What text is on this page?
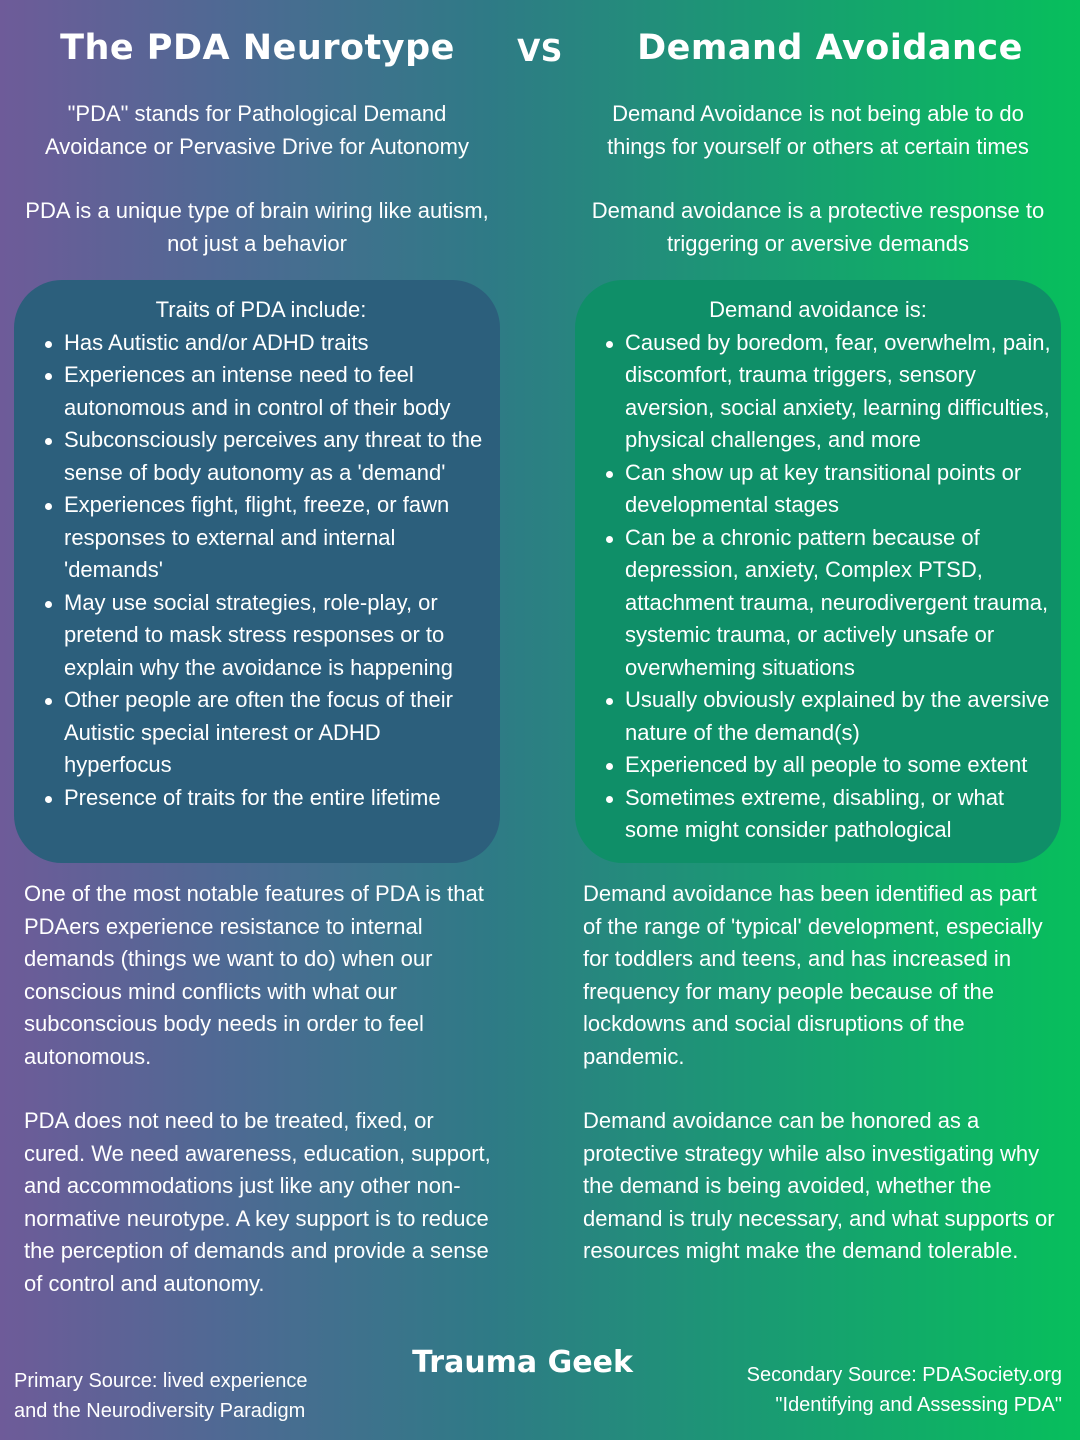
The PDA Neurotype	VS	Demand Avoidance

"PDA" stands for Pathological Demand Avoidance or Pervasive Drive for Autonomy

PDA is a unique type of brain wiring like autism, not just a behavior

Demand Avoidance is not being able to do things for yourself or others at certain times

Demand avoidance is a protective response to triggering or aversive demands

Traits of PDA include:
Has Autistic and/or ADHD traits
Experiences an intense need to feel autonomous and in control of their body
Subconsciously perceives any threat to the sense of body autonomy as a 'demand'
Experiences fight, flight, freeze, or fawn responses to external and internal 'demands'
May use social strategies, role-play, or pretend to mask stress responses or to explain why the avoidance is happening
Other people are often the focus of their Autistic special interest or ADHD hyperfocus
Presence of traits for the entire lifetime
Demand avoidance is:
Caused by boredom, fear, overwhelm, pain, discomfort, trauma triggers, sensory aversion, social anxiety, learning difficulties, physical challenges, and more
Can show up at key transitional points or developmental stages
Can be a chronic pattern because of depression, anxiety, Complex PTSD, attachment trauma, neurodivergent trauma, systemic trauma, or actively unsafe or overwheming situations
Usually obviously explained by the aversive nature of the demand(s)
Experienced by all people to some extent
Sometimes extreme, disabling, or what some might consider pathological

One of the most notable features of PDA is that PDAers experience resistance to internal demands (things we want to do) when our conscious mind conflicts with what our subconscious body needs in order to feel autonomous.

PDA does not need to be treated, fixed, or cured. We need awareness, education, support, and accommodations just like any other non-normative neurotype. A key support is to reduce the perception of demands and provide a sense of control and autonomy.

Demand avoidance has been identified as part of the range of 'typical' development, especially for toddlers and teens, and has increased in frequency for many people because of the lockdowns and social disruptions of the pandemic.

Demand avoidance can be honored as a protective strategy while also investigating why the demand is being avoided, whether the demand is truly necessary, and what supports or resources might make the demand tolerable.

Primary Source: lived experience
and the Neurodiversity Paradigm
Trauma Geek	Secondary Source: PDASociety.org
"Identifying and Assessing PDA"
